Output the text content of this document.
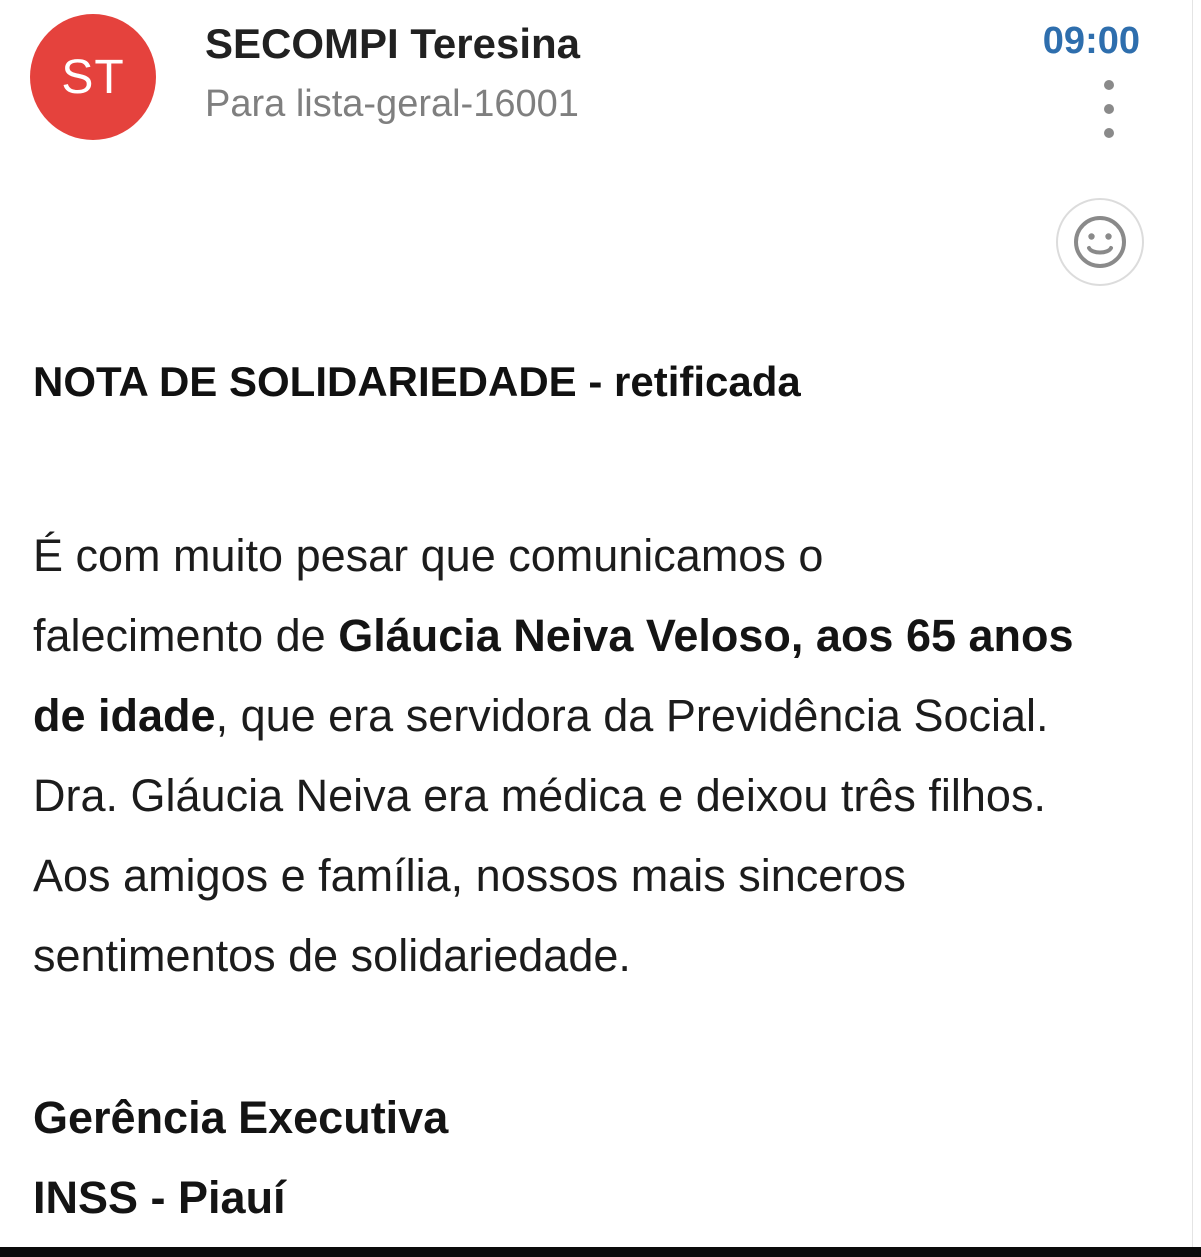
ST
SECOMPI Teresina
Para lista-geral-16001
09:00
NOTA DE SOLIDARIEDADE - retificada
É com muito pesar que comunicamos o
falecimento de Gláucia Neiva Veloso, aos 65 anos
de idade, que era servidora da Previdência Social.
Dra. Gláucia Neiva era médica e deixou três filhos.
Aos amigos e família, nossos mais sinceros
sentimentos de solidariedade.
Gerência Executiva
INSS - Piauí
